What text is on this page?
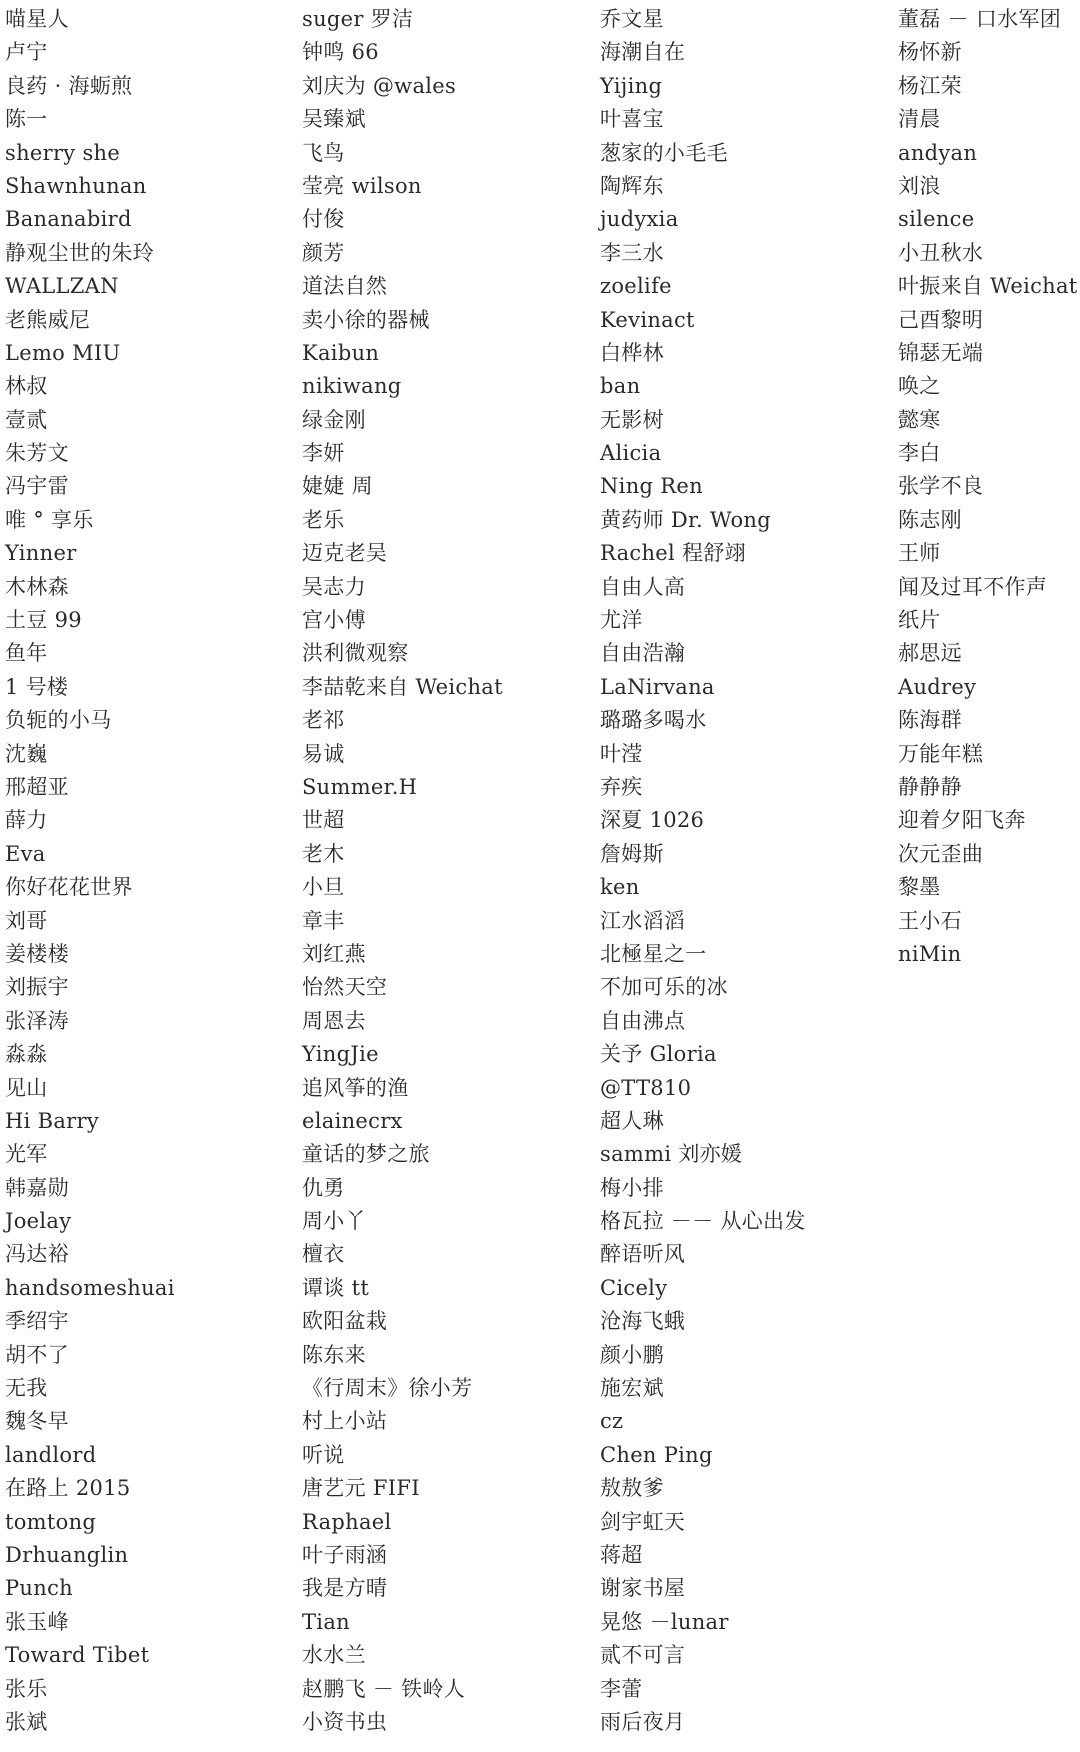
喵星人
卢宁
良药 · 海蛎煎
陈一
sherry she
Shawnhunan
Bananabird
静观尘世的朱玲
WALLZAN
老熊威尼
Lemo MIU
林叔
壹贰
朱芳文
冯宇雷
唯 ° 享乐
Yinner
木林森
土豆 99
鱼年
1 号楼
负轭的小马
沈巍
邢超亚
薛力
Eva
你好花花世界
刘哥
姜楼楼
刘振宇
张泽涛
淼淼
见山
Hi Barry
光军
韩嘉勋
Joelay
冯达裕
handsomeshuai
季绍宇
胡不了
无我
魏冬早
landlord
在路上 2015
tomtong
Drhuanglin
Punch
张玉峰
Toward Tibet
张乐
张斌
suger 罗洁
钟鸣 66
刘庆为 @wales
吴臻斌
飞鸟
莹亮 wilson
付俊
颜芳
道法自然
卖小徐的器械
Kaibun
nikiwang
绿金刚
李妍
婕婕 周
老乐
迈克老吴
吴志力
宫小傅
洪利微观察
李喆乾来自 Weichat
老祁
易诚
Summer.H
世超
老木
小旦
章丰
刘红燕
怡然天空
周恩去
YingJie
追风筝的渔
elainecrx
童话的梦之旅
仇勇
周小丫
檀衣
谭谈 tt
欧阳盆栽
陈东来
《行周末》徐小芳
村上小站
听说
唐艺元 FIFI
Raphael
叶子雨涵
我是方晴
Tian
水水兰
赵鹏飞 － 铁岭人
小资书虫
乔文星
海潮自在
Yijing
叶喜宝
葱家的小毛毛
陶辉东
judyxia
李三水
zoelife
Kevinact
白桦林
ban
无影树
Alicia
Ning Ren
黄药师 Dr. Wong
Rachel 程舒翊
自由人高
尤洋
自由浩瀚
LaNirvana
璐璐多喝水
叶滢
弃疾
深夏 1026
詹姆斯
ken
江水滔滔
北極星之一
不加可乐的冰
自由沸点
关予 Gloria
@TT810
超人琳
sammi 刘亦媛
梅小排
格瓦拉 －－ 从心出发
醉语听风
Cicely
沧海飞蛾
颜小鹏
施宏斌
cz
Chen Ping
敖敖爹
剑宇虹天
蒋超
谢家书屋
晃悠 －lunar
贰不可言
李蕾
雨后夜月
董磊 － 口水军团
杨怀新
杨江荣
清晨
andyan
刘浪
silence
小丑秋水
叶振来自 Weichat
己酉黎明
锦瑟无端
唤之
懿寒
李白
张学不良
陈志刚
王师
闻及过耳不作声
纸片
郝思远
Audrey
陈海群
万能年糕
静静静
迎着夕阳飞奔
次元歪曲
黎墨
王小石
niMin
